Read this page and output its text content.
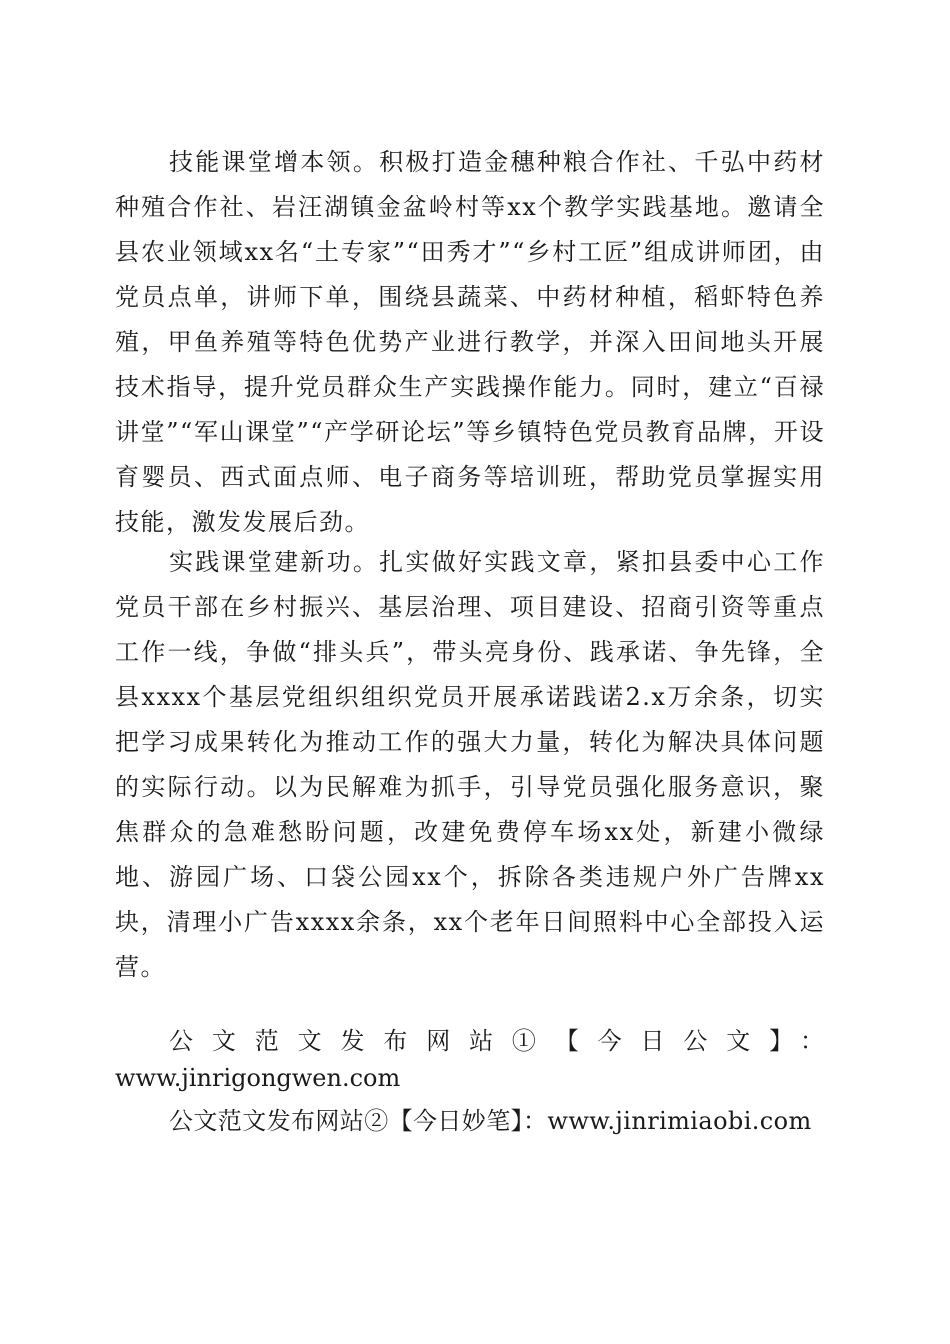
技能课堂增本领。积极打造金穗种粮合作社、千弘中药材种殖合作社、岩汪湖镇金盆岭村等xx个教学实践基地。邀请全县农业领域xx名“土专家”“田秀才”“乡村工匠”组成讲师团，由党员点单，讲师下单，围绕县蔬菜、中药材种植，稻虾特色养殖，甲鱼养殖等特色优势产业进行教学，并深入田间地头开展技术指导，提升党员群众生产实践操作能力。同时，建立“百禄讲堂”“军山课堂”“产学研论坛”等乡镇特色党员教育品牌，开设育婴员、西式面点师、电子商务等培训班，帮助党员掌握实用技能，激发发展后劲。

实践课堂建新功。扎实做好实践文章，紧扣县委中心工作党员干部在乡村振兴、基层治理、项目建设、招商引资等重点工作一线，争做“排头兵”，带头亮身份、践承诺、争先锋，全县xxxx个基层党组织组织党员开展承诺践诺2.x万余条，切实把学习成果转化为推动工作的强大力量，转化为解决具体问题的实际行动。以为民解难为抓手，引导党员强化服务意识，聚焦群众的急难愁盼问题，改建免费停车场xx处，新建小微绿地、游园广场、口袋公园xx个，拆除各类违规户外广告牌xx块，清理小广告xxxx余条，xx个老年日间照料中心全部投入运营。

公文范文发布网站①【今日公文】：
www.jinrigongwen.com
公文范文发布网站②【今日妙笔】：www.jinrimiaobi.com
